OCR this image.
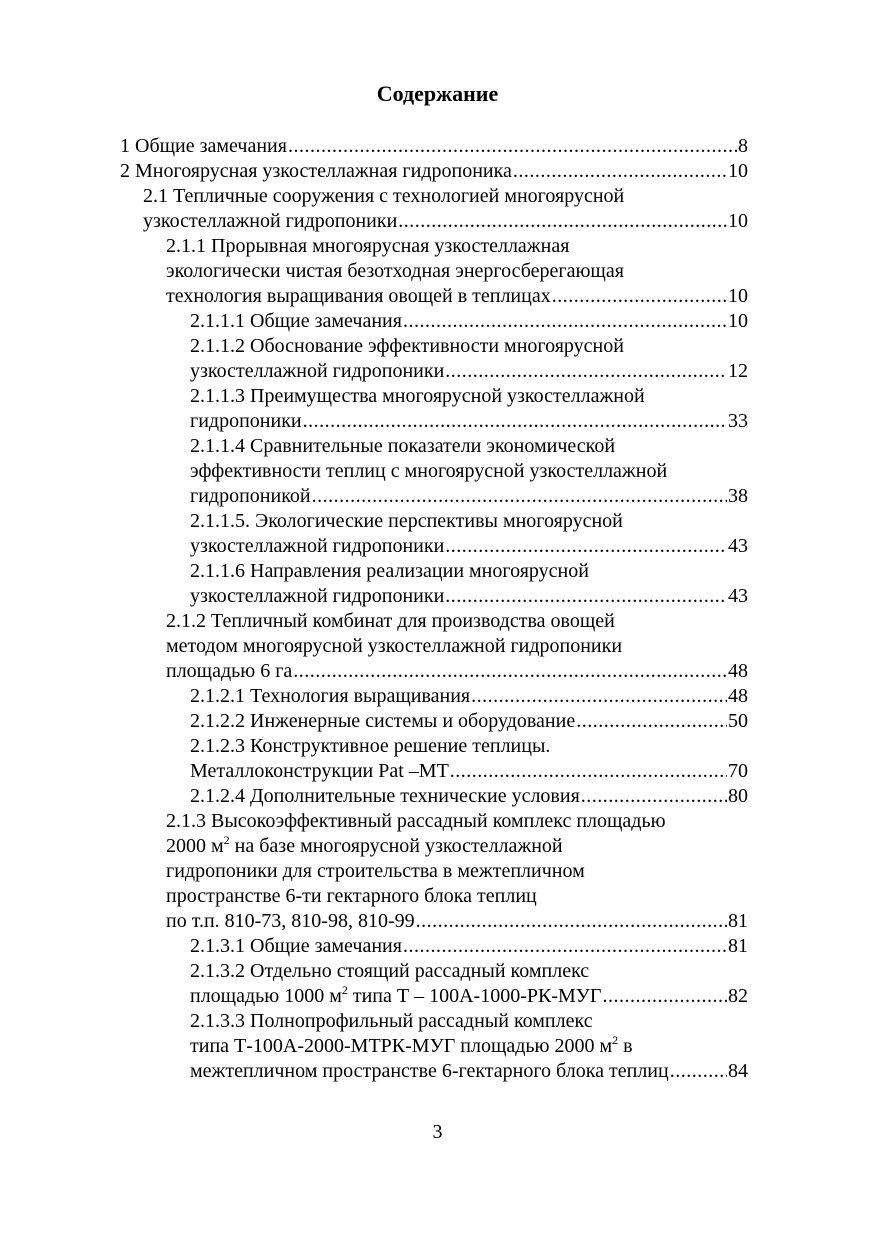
Содержание
1 Общие замечания .....	8
2 Многоярусная узкостеллажная гидропоника .....	10
2.1 Тепличные сооружения с технологией многоярусной
узкостеллажной гидропоники .....	10
2.1.1 Прорывная многоярусная узкостеллажная
экологически чистая безотходная энергосберегающая
технология выращивания овощей в теплицах .....	10
2.1.1.1 Общие замечания .....	10
2.1.1.2 Обоснование эффективности многоярусной
узкостеллажной гидропоники .....	12
2.1.1.3 Преимущества многоярусной узкостеллажной
гидропоники .....	33
2.1.1.4 Сравнительные показатели экономической
эффективности теплиц с многоярусной узкостеллажной
гидропоникой .....	38
2.1.1.5. Экологические перспективы многоярусной
узкостеллажной гидропоники .....	43
2.1.1.6 Направления реализации многоярусной
узкостеллажной гидропоники .....	43
2.1.2 Тепличный комбинат для производства овощей
методом многоярусной узкостеллажной гидропоники
площадью 6 га .....	48
2.1.2.1 Технология выращивания .....	48
2.1.2.2 Инженерные системы и оборудование .....	50
2.1.2.3 Конструктивное решение теплицы.
Металлоконструкции Pat –МТ .....	70
2.1.2.4 Дополнительные технические условия .....	80
2.1.3 Высокоэффективный рассадный комплекс площадью
2000 $м^2$ на базе многоярусной узкостеллажной
гидропоники для строительства в межтепличном
пространстве 6-ти гектарного блока теплиц
по т.п. 810-73, 810-98, 810-99 .....	81
2.1.3.1 Общие замечания .....	81
2.1.3.2 Отдельно стоящий рассадный комплекс
площадью 1000 $м^2$ типа Т – 100А-1000-РК-МУГ .....	82
2.1.3.3 Полнопрофильный рассадный комплекс
типа Т-100А-2000-МТРК-МУГ площадью 2000 $м^2$ в
межтепличном пространстве 6-гектарного блока теплиц .....	84
3
